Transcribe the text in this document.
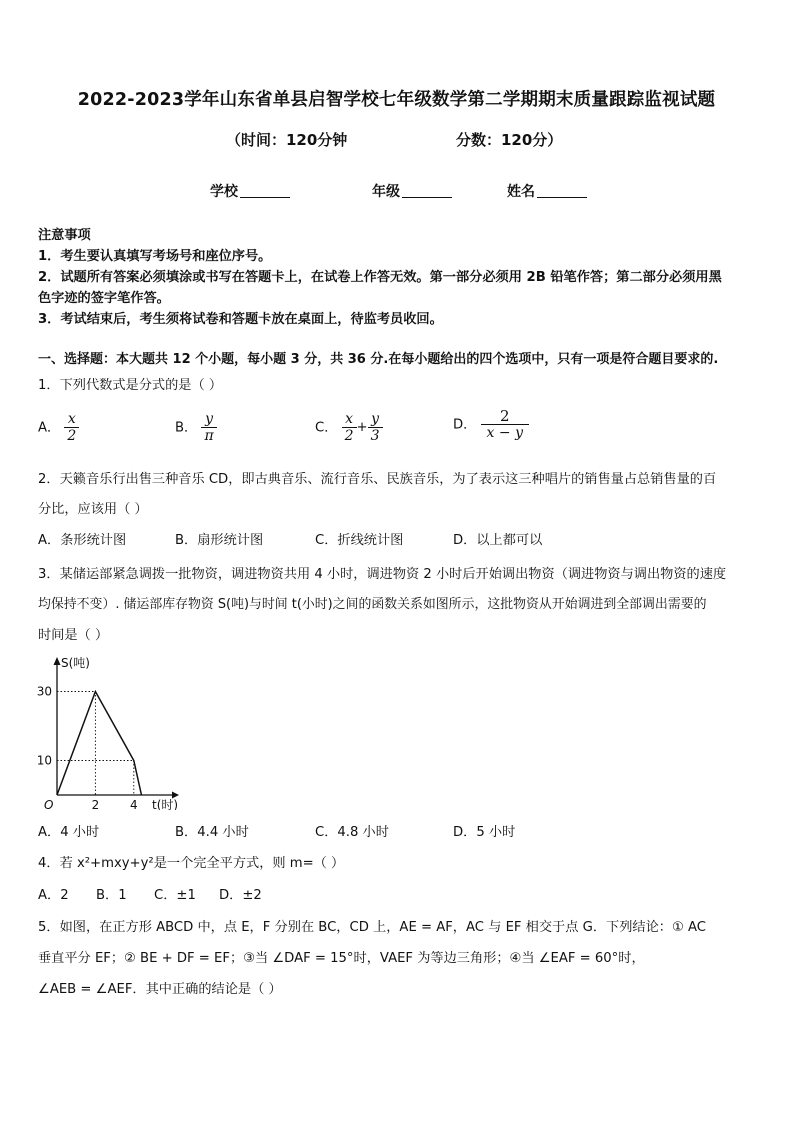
2022-2023学年山东省单县启智学校七年级数学第二学期期末质量跟踪监视试题
（时间：120分钟	分数：120分）
学校	年级	姓名
注意事项
1．考生要认真填写考场号和座位序号。
2．试题所有答案必须填涂或书写在答题卡上，在试卷上作答无效。第一部分必须用 2B 铅笔作答；第二部分必须用黑
色字迹的签字笔作答。
3．考试结束后，考生须将试卷和答题卡放在桌面上，待监考员收回。
一、选择题：本大题共 12 个小题，每小题 3 分，共 36 分.在每小题给出的四个选项中，只有一项是符合题目要求的.
1．下列代数式是分式的是（ ）
A． $\frac{x}{2}$	B． $\frac{y}{\pi}$	C． $\frac{x}{2} + \frac{y}{3}$	D． $\frac{2}{x - y}$
2．天籁音乐行出售三种音乐 CD，即古典音乐、流行音乐、民族音乐，为了表示这三种唱片的销售量占总销售量的百
分比，应该用（ ）
A．条形统计图	B．扇形统计图	C．折线统计图	D．以上都可以
3．某储运部紧急调拨一批物资，调进物资共用 4 小时，调进物资 2 小时后开始调出物资（调进物资与调出物资的速度
均保持不变）. 储运部库存物资 S(吨)与时间 t(小时)之间的函数关系如图所示，这批物资从开始调进到全部调出需要的
时间是（ ）
30
10
2	4
O
S(吨)
t(时)
A．4 小时	B．4.4 小时	C．4.8 小时	D．5 小时
4．若 x²+mxy+y²是一个完全平方式，则 m=（ ）
A．2 B．1 C．±1 D．±2
5．如图，在正方形 ABCD 中，点 E，F 分别在 BC，CD 上，AE = AF，AC 与 EF 相交于点 G．下列结论：① AC
垂直平分 EF；② BE + DF = EF；③当 ∠DAF = 15°时，VAEF 为等边三角形；④当 ∠EAF = 60°时，
∠AEB = ∠AEF．其中正确的结论是（ ）
